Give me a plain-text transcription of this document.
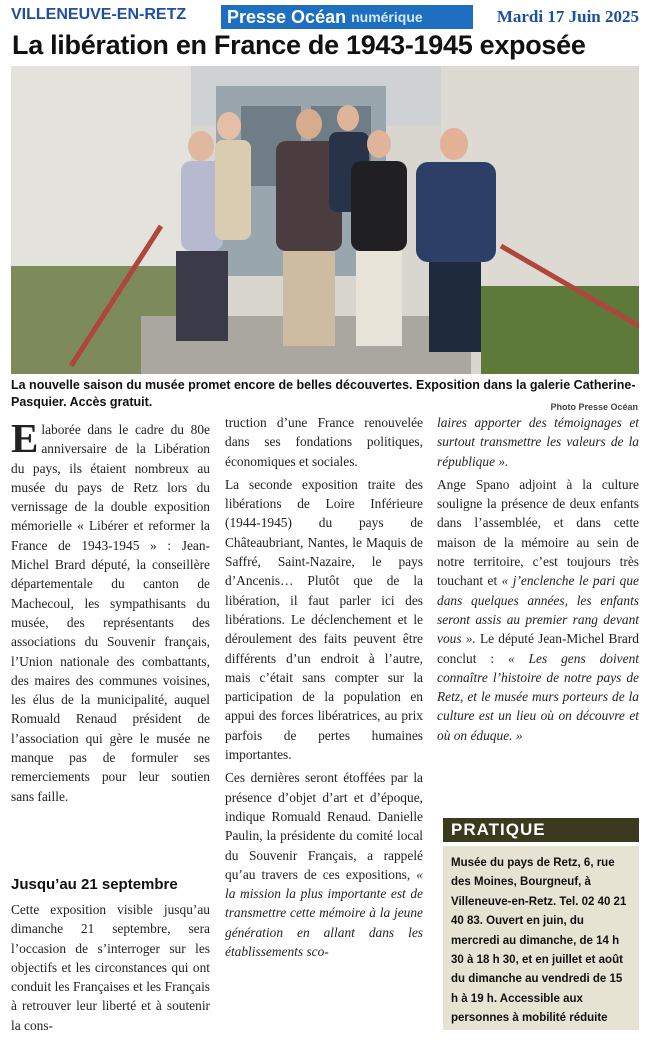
VILLENEUVE-EN-RETZ Presse Océan numérique	Mardi 17 Juin 2025
La libération en France de 1943-1945 exposée
La nouvelle saison du musée promet encore de belles découvertes. Exposition dans la galerie Catherine-Pasquier. Accès gratuit.	Photo Presse Océan

Elaborée dans le cadre du 80e anniversaire de la Libération du pays, ils étaient nombreux au musée du pays de Retz lors du vernissage de la double exposition mémorielle « Libérer et reformer la France de 1943-1945 » : Jean-Michel Brard député, la conseillère départementale du canton de Machecoul, les sympathisants du musée, des représentants des associations du Souvenir français, l’Union nationale des combattants, des maires des communes voisines, les élus de la municipalité, auquel Romuald Renaud président de l’association qui gère le musée ne manque pas de formuler ses remerciements pour leur soutien sans faille.

Jusqu’au 21 septembre

Cette exposition visible jusqu’au dimanche 21 septembre, sera l’occasion de s’interroger sur les objectifs et les circonstances qui ont conduit les Françaises et les Français à retrouver leur liberté et à soutenir la cons-

truction d’une France renouvelée dans ses fondations politiques, économiques et sociales.

La seconde exposition traite des libérations de Loire Inférieure (1944-1945) du pays de Châteaubriant, Nantes, le Maquis de Saffré, Saint-Nazaire, le pays d’Ancenis… Plutôt que de la libération, il faut parler ici des libérations. Le déclenchement et le déroulement des faits peuvent être différents d’un endroit à l’autre, mais c’était sans compter sur la participation de la population en appui des forces libératrices, au prix parfois de pertes humaines importantes.

Ces dernières seront étoffées par la présence d’objet d’art et d’époque, indique Romuald Renaud. Danielle Paulin, la présidente du comité local du Souvenir Français, a rappelé qu’au travers de ces expositions, « la mission la plus importante est de transmettre cette mémoire à la jeune génération en allant dans les établissements sco-

laires apporter des témoignages et surtout transmettre les valeurs de la république ».

Ange Spano adjoint à la culture souligne la présence de deux enfants dans l’assemblée, et dans cette maison de la mémoire au sein de notre territoire, c’est toujours très touchant et « j’enclenche le pari que dans quelques années, les enfants seront assis au premier rang devant vous ». Le député Jean-Michel Brard conclut : « Les gens doivent connaître l’histoire de notre pays de Retz, et le musée murs porteurs de la culture est un lieu où on découvre et où on éduque. »

PRATIQUE
Musée du pays de Retz, 6, rue des Moines, Bourgneuf, à Villeneuve-en-Retz. Tel. 02 40 21 40 83. Ouvert en juin, du mercredi au dimanche, de 14 h 30 à 18 h 30, et en juillet et août du dimanche au vendredi de 15 h à 19 h. Accessible aux personnes à mobilité réduite
